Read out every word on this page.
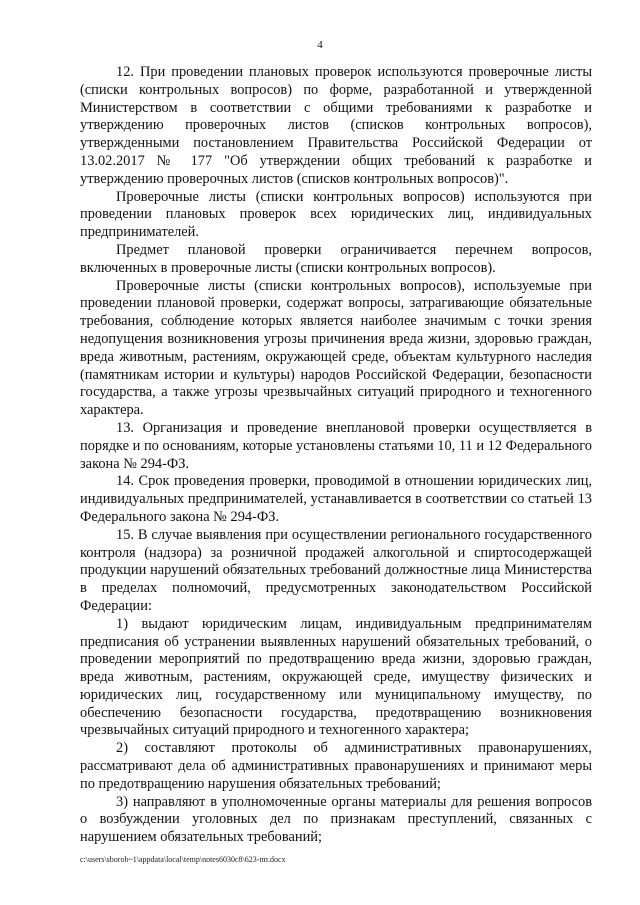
4

12. При проведении плановых проверок используются проверочные листы (списки контрольных вопросов) по форме, разработанной и утвержденной Министерством в соответствии с общими требованиями к разработке и утверждению проверочных листов (списков контрольных вопросов), утвержденными постановлением Правительства Российской Федерации от 13.02.2017 № 177 "Об утверждении общих требований к разработке и утверждению проверочных листов (списков контрольных вопросов)".

Проверочные листы (списки контрольных вопросов) используются при проведении плановых проверок всех юридических лиц, индивидуальных предпринимателей.

Предмет плановой проверки ограничивается перечнем вопросов, включенных в проверочные листы (списки контрольных вопросов).

Проверочные листы (списки контрольных вопросов), используемые при проведении плановой проверки, содержат вопросы, затрагивающие обязательные требования, соблюдение которых является наиболее значимым с точки зрения недопущения возникновения угрозы причинения вреда жизни, здоровью граждан, вреда животным, растениям, окружающей среде, объектам культурного наследия (памятникам истории и культуры) народов Российской Федерации, безопасности государства, а также угрозы чрезвычайных ситуаций природного и техногенного характера.

13. Организация и проведение внеплановой проверки осуществляется в порядке и по основаниям, которые установлены статьями 10, 11 и 12 Федерального закона № 294-ФЗ.

14. Срок проведения проверки, проводимой в отношении юридических лиц, индивидуальных предпринимателей, устанавливается в соответствии со статьей 13 Федерального закона № 294-ФЗ.

15. В случае выявления при осуществлении регионального государственного контроля (надзора) за розничной продажей алкогольной и спиртосодержащей продукции нарушений обязательных требований должностные лица Министерства в пределах полномочий, предусмотренных законодательством Российской Федерации:

1) выдают юридическим лицам, индивидуальным предпринимателям предписания об устранении выявленных нарушений обязательных требований, о проведении мероприятий по предотвращению вреда жизни, здоровью граждан, вреда животным, растениям, окружающей среде, имуществу физических и юридических лиц, государственному или муниципальному имуществу, по обеспечению безопасности государства, предотвращению возникновения чрезвычайных ситуаций природного и техногенного характера;

2) составляют протоколы об административных правонарушениях, рассматривают дела об административных правонарушениях и принимают меры по предотвращению нарушения обязательных требований;

3) направляют в уполномоченные органы материалы для решения вопросов о возбуждении уголовных дел по признакам преступлений, связанных с нарушением обязательных требований;

c:\users\sborob~1\appdata\local\temp\notes6030c8\623-пп.docx
